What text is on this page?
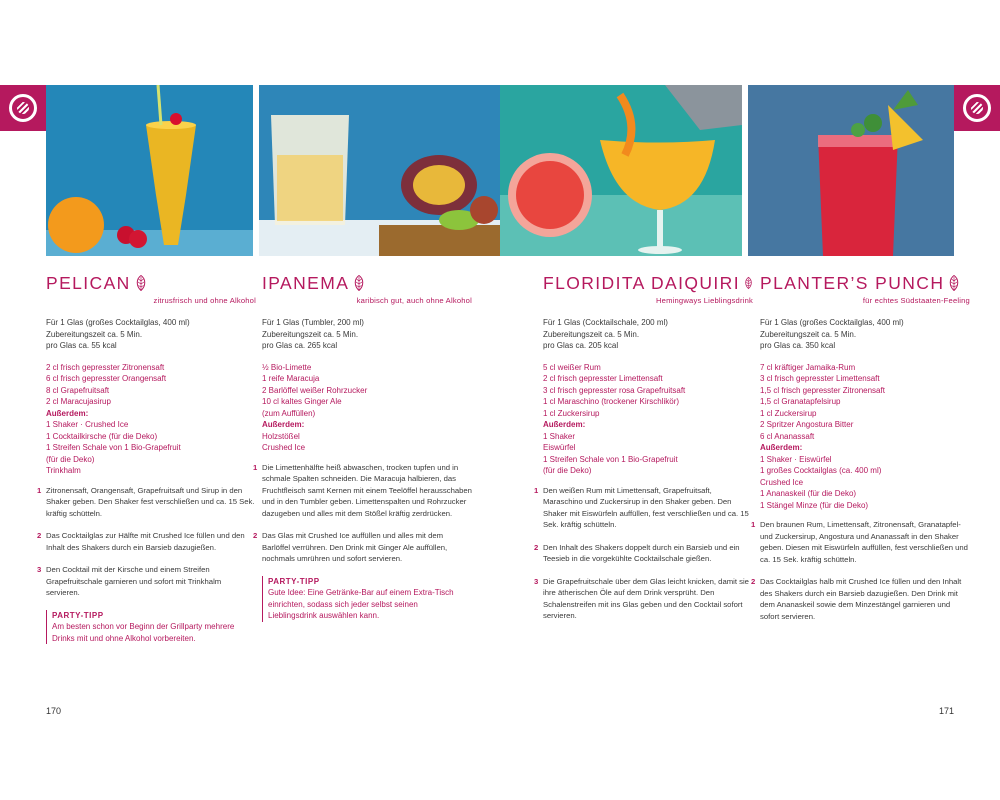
PELICAN
zitrusfrisch und ohne Alkohol
Für 1 Glas (großes Cocktailglas, 400 ml)
Zubereitungszeit ca. 5 Min.
pro Glas ca. 55 kcal
2 cl frisch gepresster Zitronensaft
6 cl frisch gepresster Orangensaft
8 cl Grapefruitsaft
2 cl Maracujasirup
Außerdem:
1 Shaker · Crushed Ice
1 Cocktailkirsche (für die Deko)
1 Streifen Schale von 1 Bio-Grapefruit
(für die Deko)
Trinkhalm
1 Zitronensaft, Orangensaft, Grapefruitsaft und Sirup in den Shaker geben. Den Shaker fest verschließen und ca. 15 Sek. kräftig schütteln.
2 Das Cocktailglas zur Hälfte mit Crushed Ice füllen und den Inhalt des Shakers durch ein Barsieb dazugießen.
3 Den Cocktail mit der Kirsche und einem Streifen Grapefruitschale garnieren und sofort mit Trinkhalm servieren.
PARTY-TIPP
Am besten schon vor Beginn der Grillparty mehrere Drinks mit und ohne Alkohol vorbereiten.
IPANEMA
karibisch gut, auch ohne Alkohol
Für 1 Glas (Tumbler, 200 ml)
Zubereitungszeit ca. 5 Min.
pro Glas ca. 265 kcal
½ Bio-Limette
1 reife Maracuja
2 Barlöffel weißer Rohrzucker
10 cl kaltes Ginger Ale
(zum Auffüllen)
Außerdem:
Holzstößel
Crushed Ice
1 Die Limettenhälfte heiß abwaschen, trocken tupfen und in schmale Spalten schneiden. Die Maracuja halbieren, das Fruchtfleisch samt Kernen mit einem Teelöffel herausschaben und in den Tumbler geben. Limettenspalten und Rohrzucker dazugeben und alles mit dem Stößel kräftig zerdrücken.
2 Das Glas mit Crushed Ice auffüllen und alles mit dem Barlöffel verrühren. Den Drink mit Ginger Ale auffüllen, nochmals umrühren und sofort servieren.
PARTY-TIPP
Gute Idee: Eine Getränke-Bar auf einem Extra-Tisch einrichten, sodass sich jeder selbst seinen Lieblingsdrink auswählen kann.
FLORIDITA DAIQUIRI
Hemingways Lieblingsdrink
Für 1 Glas (Cocktailschale, 200 ml)
Zubereitungszeit ca. 5 Min.
pro Glas ca. 205 kcal
5 cl weißer Rum
2 cl frisch gepresster Limettensaft
3 cl frisch gepresster rosa Grapefruitsaft
1 cl Maraschino (trockener Kirschlikör)
1 cl Zuckersirup
Außerdem:
1 Shaker
Eiswürfel
1 Streifen Schale von 1 Bio-Grapefruit
(für die Deko)
1 Den weißen Rum mit Limettensaft, Grapefruitsaft, Maraschino und Zuckersirup in den Shaker geben. Den Shaker mit Eiswürfeln auffüllen, fest verschließen und ca. 15 Sek. kräftig schütteln.
2 Den Inhalt des Shakers doppelt durch ein Barsieb und ein Teesieb in die vorgekühlte Cocktailschale gießen.
3 Die Grapefruitschale über dem Glas leicht knicken, damit sie ihre ätherischen Öle auf dem Drink versprüht. Den Schalenstreifen mit ins Glas geben und den Cocktail sofort servieren.
PLANTER’S PUNCH
für echtes Südstaaten-Feeling
Für 1 Glas (großes Cocktailglas, 400 ml)
Zubereitungszeit ca. 5 Min.
pro Glas ca. 350 kcal
7 cl kräftiger Jamaika-Rum
3 cl frisch gepresster Limettensaft
1,5 cl frisch gepresster Zitronensaft
1,5 cl Granatapfelsirup
1 cl Zuckersirup
2 Spritzer Angostura Bitter
6 cl Ananassaft
Außerdem:
1 Shaker · Eiswürfel
1 großes Cocktailglas (ca. 400 ml)
Crushed Ice
1 Ananaskeil (für die Deko)
1 Stängel Minze (für die Deko)
1 Den braunen Rum, Limettensaft, Zitronensaft, Granatapfel- und Zuckersirup, Angostura und Ananassaft in den Shaker geben. Diesen mit Eiswürfeln auffüllen, fest verschließen und ca. 15 Sek. kräftig schütteln.
2 Das Cocktailglas halb mit Crushed Ice füllen und den Inhalt des Shakers durch ein Barsieb dazugießen. Den Drink mit dem Ananaskeil sowie dem Minzestängel garnieren und sofort servieren.
170	171
